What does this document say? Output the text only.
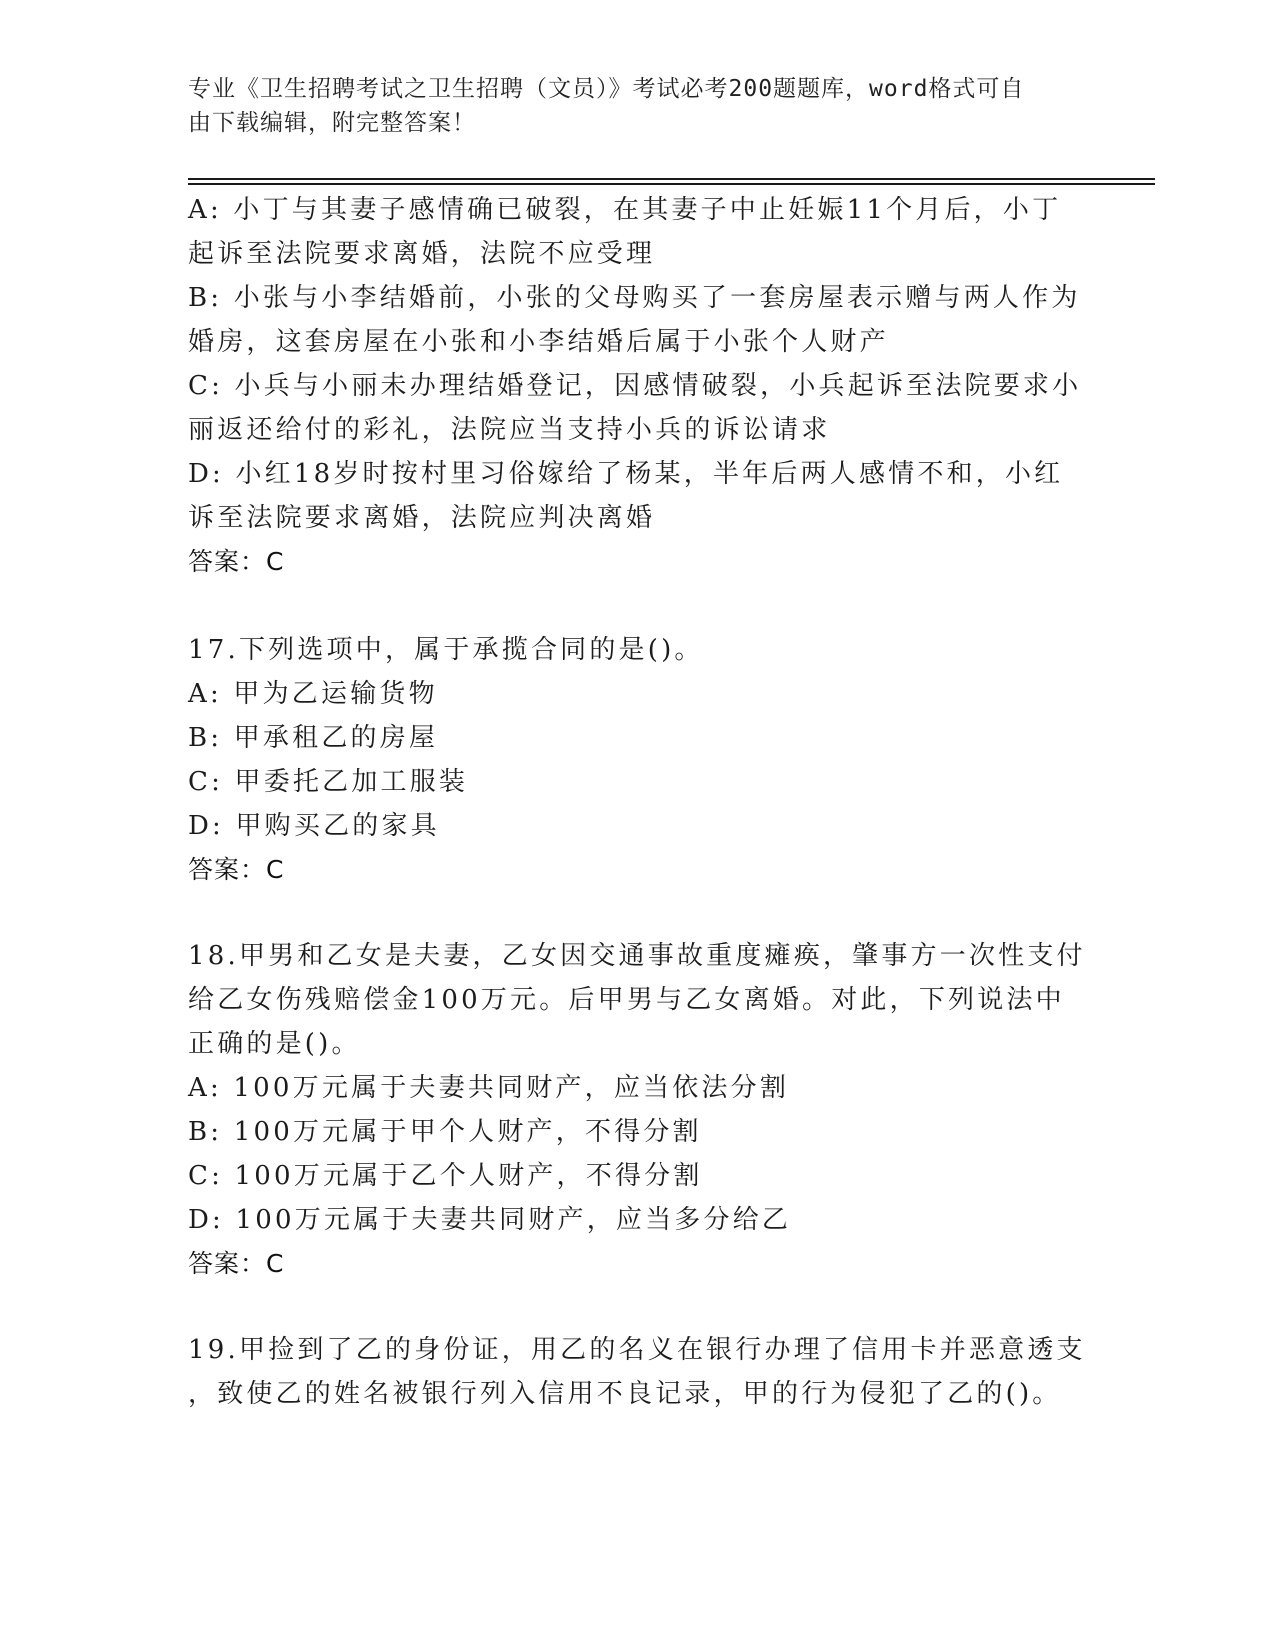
专业《卫生招聘考试之卫生招聘（文员）》考试必考200题题库，word格式可自
由下载编辑，附完整答案！
A: 小丁与其妻子感情确已破裂，在其妻子中止妊娠11个月后，小丁
起诉至法院要求离婚，法院不应受理
B: 小张与小李结婚前，小张的父母购买了一套房屋表示赠与两人作为
婚房，这套房屋在小张和小李结婚后属于小张个人财产
C: 小兵与小丽未办理结婚登记，因感情破裂，小兵起诉至法院要求小
丽返还给付的彩礼，法院应当支持小兵的诉讼请求
D: 小红18岁时按村里习俗嫁给了杨某，半年后两人感情不和，小红
诉至法院要求离婚，法院应判决离婚
答案：C
17.下列选项中，属于承揽合同的是()。
A: 甲为乙运输货物
B: 甲承租乙的房屋
C: 甲委托乙加工服装
D: 甲购买乙的家具
答案：C
18.甲男和乙女是夫妻，乙女因交通事故重度瘫痪，肇事方一次性支付
给乙女伤残赔偿金100万元。后甲男与乙女离婚。对此，下列说法中
正确的是()。
A: 100万元属于夫妻共同财产，应当依法分割
B: 100万元属于甲个人财产，不得分割
C: 100万元属于乙个人财产，不得分割
D: 100万元属于夫妻共同财产，应当多分给乙
答案：C
19.甲捡到了乙的身份证，用乙的名义在银行办理了信用卡并恶意透支
，致使乙的姓名被银行列入信用不良记录，甲的行为侵犯了乙的()。
